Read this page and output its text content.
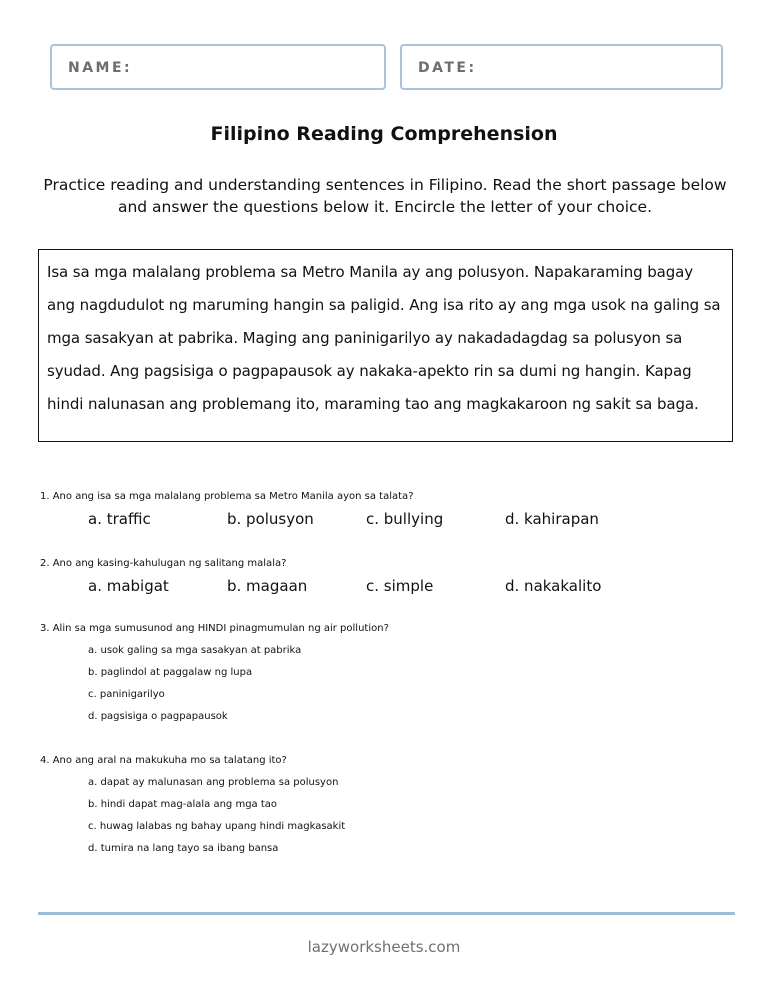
NAME:	DATE:
Filipino Reading Comprehension

Practice reading and understanding sentences in Filipino. Read the short passage below and answer the questions below it. Encircle the letter of your choice.

Isa sa mga malalang problema sa Metro Manila ay ang polusyon. Napakaraming bagay
ang nagdudulot ng maruming hangin sa paligid. Ang isa rito ay ang mga usok na galing sa
mga sasakyan at pabrika. Maging ang paninigarilyo ay nakadadagdag sa polusyon sa
syudad. Ang pagsisiga o pagpapausok ay nakaka-apekto rin sa dumi ng hangin. Kapag
hindi nalunasan ang problemang ito, maraming tao ang magkakaroon ng sakit sa baga.
1. Ano ang isa sa mga malalang problema sa Metro Manila ayon sa talata?
a. traffic	b. polusyon	c. bullying	d. kahirapan
2. Ano ang kasing-kahulugan ng salitang malala?
a. mabigat	b. magaan	c. simple	d. nakakalito
3. Alin sa mga sumusunod ang HINDI pinagmumulan ng air pollution?
a. usok galing sa mga sasakyan at pabrika
b. paglindol at paggalaw ng lupa
c. paninigarilyo
d. pagsisiga o pagpapausok
4. Ano ang aral na makukuha mo sa talatang ito?
a. dapat ay malunasan ang problema sa polusyon
b. hindi dapat mag-alala ang mga tao
c. huwag lalabas ng bahay upang hindi magkasakit
d. tumira na lang tayo sa ibang bansa
lazyworksheets.com
